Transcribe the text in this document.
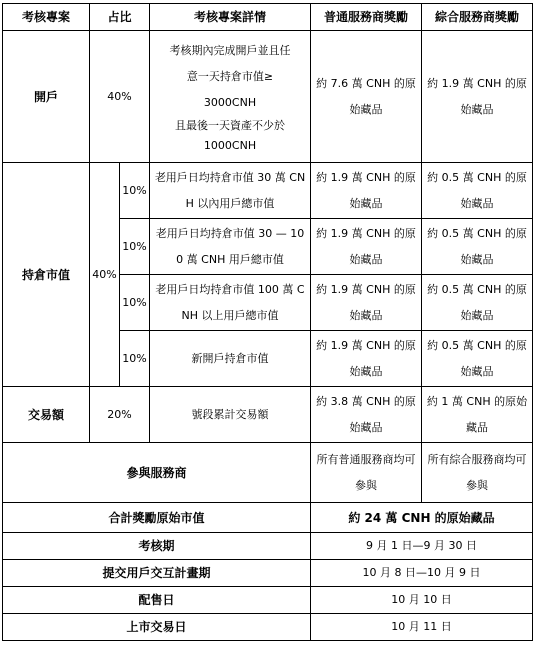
考核專案	占比		考核專案詳情	普通服務商獎勵	綜合服務商獎勵
開戶	40%		考核期內完成開戶並且任
意一天持倉市值≥
3000CNH
且最後一天資產不少於
1000CNH	約 7.6 萬 CNH 的原始藏品	約 1.9 萬 CNH 的原始藏品
持倉市值	40%	10%	老用戶日均持倉市值 30 萬 CNH 以內用戶總市值	約 1.9 萬 CNH 的原始藏品	約 0.5 萬 CNH 的原始藏品
		10%	老用戶日均持倉市值 30 — 100 萬 CNH 用戶總市值	約 1.9 萬 CNH 的原始藏品	約 0.5 萬 CNH 的原始藏品
		10%	老用戶日均持倉市值 100 萬 CNH 以上用戶總市值	約 1.9 萬 CNH 的原始藏品	約 0.5 萬 CNH 的原始藏品
		10%	新開戶持倉市值	約 1.9 萬 CNH 的原始藏品	約 0.5 萬 CNH 的原始藏品
交易額	20%		號段累計交易額	約 3.8 萬 CNH 的原始藏品	約 1 萬 CNH 的原始藏品
參與服務商				所有普通服務商均可參與	所有綜合服務商均可參與
合計獎勵原始市值				約 24 萬 CNH 的原始藏品	
考核期				9 月 1 日—9 月 30 日	
提交用戶交互計畫期				10 月 8 日—10 月 9 日	
配售日				10 月 10 日	
上市交易日				10 月 11 日	
